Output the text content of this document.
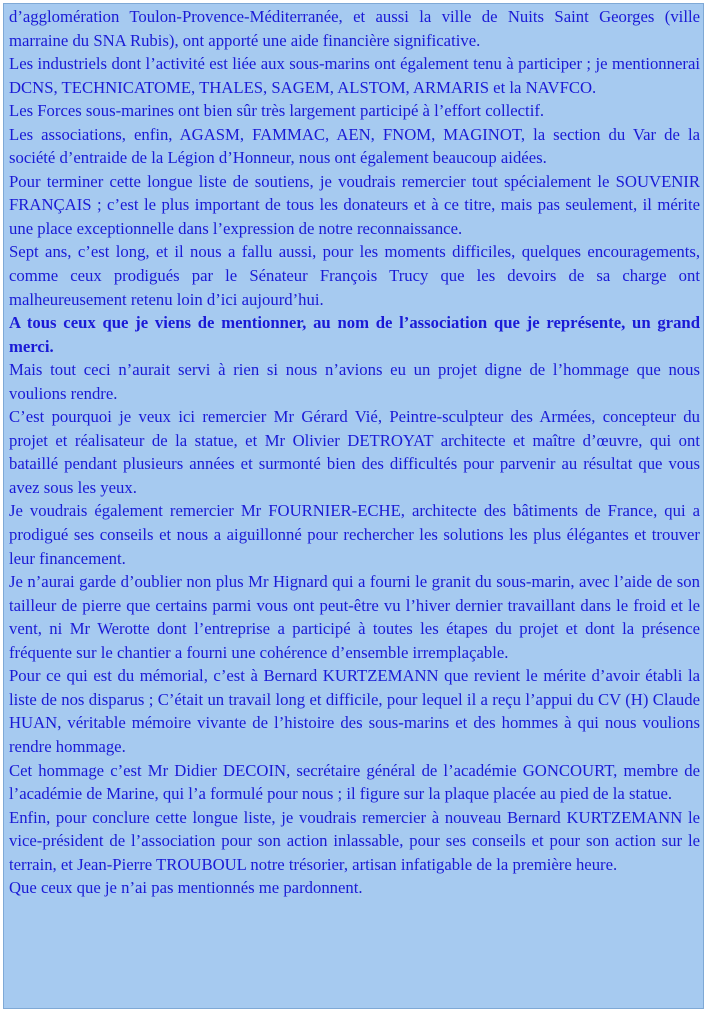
d’agglomération Toulon-Provence-Méditerranée, et aussi la ville de Nuits Saint Georges (ville marraine du SNA Rubis), ont apporté une aide financière significative.

Les industriels dont l’activité est liée aux sous-marins ont également tenu à participer ; je mentionnerai DCNS, TECHNICATOME, THALES, SAGEM, ALSTOM, ARMARIS et la NAVFCO.

Les Forces sous-marines ont bien sûr très largement participé à l’effort collectif.

Les associations, enfin, AGASM, FAMMAC, AEN, FNOM, MAGINOT, la section du Var de la société d’entraide de la Légion d’Honneur, nous ont également beaucoup aidées.

Pour terminer cette longue liste de soutiens, je voudrais remercier tout spécialement le SOUVENIR FRANÇAIS ; c’est le plus important de tous les donateurs et à ce titre, mais pas seulement, il mérite une place exceptionnelle dans l’expression de notre reconnaissance.

Sept ans, c’est long, et il nous a fallu aussi, pour les moments difficiles, quelques encouragements, comme ceux prodigués par le Sénateur François Trucy que les devoirs de sa charge ont malheureusement retenu loin d’ici aujourd’hui.

A tous ceux que je viens de mentionner, au nom de l’association que je représente, un grand merci.

Mais tout ceci n’aurait servi à rien si nous n’avions eu un projet digne de l’hommage que nous voulions rendre.

C’est pourquoi je veux ici remercier Mr Gérard Vié, Peintre-sculpteur des Armées, concepteur du projet et réalisateur de la statue, et Mr Olivier DETROYAT architecte et maître d’œuvre, qui ont bataillé pendant plusieurs années et surmonté bien des difficultés pour parvenir au résultat que vous avez sous les yeux.

Je voudrais également remercier Mr FOURNIER-ECHE, architecte des bâtiments de France, qui a prodigué ses conseils et nous a aiguillonné pour rechercher les solutions les plus élégantes et trouver leur financement.

Je n’aurai garde d’oublier non plus Mr Hignard qui a fourni le granit du sous-marin, avec l’aide de son tailleur de pierre que certains parmi vous ont peut-être vu l’hiver dernier travaillant dans le froid et le vent, ni Mr Werotte dont l’entreprise a participé à toutes les étapes du projet et dont la présence fréquente sur le chantier a fourni une cohérence d’ensemble irremplaçable.

Pour ce qui est du mémorial, c’est à Bernard KURTZEMANN que revient le mérite d’avoir établi la liste de nos disparus ; C’était un travail long et difficile, pour lequel il a reçu l’appui du CV (H) Claude HUAN, véritable mémoire vivante de l’histoire des sous-marins et des hommes à qui nous voulions rendre hommage.

Cet hommage c’est Mr Didier DECOIN, secrétaire général de l’académie GONCOURT, membre de l’académie de Marine, qui l’a formulé pour nous ; il figure sur la plaque placée au pied de la statue.

Enfin, pour conclure cette longue liste, je voudrais remercier à nouveau Bernard KURTZEMANN le vice-président de l’association pour son action inlassable, pour ses conseils et pour son action sur le terrain, et Jean-Pierre TROUBOUL notre trésorier, artisan infatigable de la première heure.

Que ceux que je n’ai pas mentionnés me pardonnent.
